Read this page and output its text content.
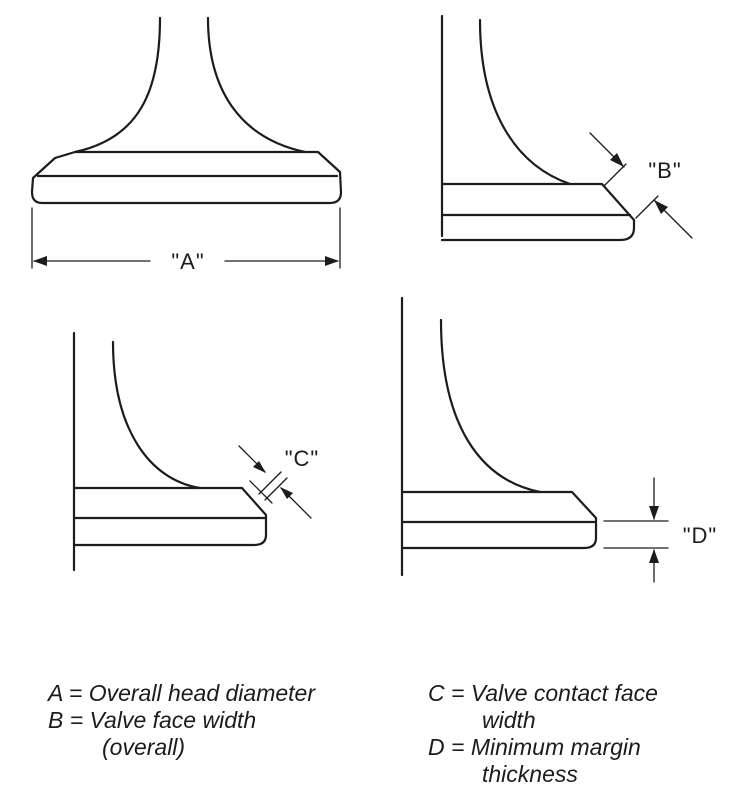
"A"
"B"
"C"
"D"
A = Overall head diameter
B = Valve face width
(overall)
C = Valve contact face
width
D = Minimum margin
thickness
